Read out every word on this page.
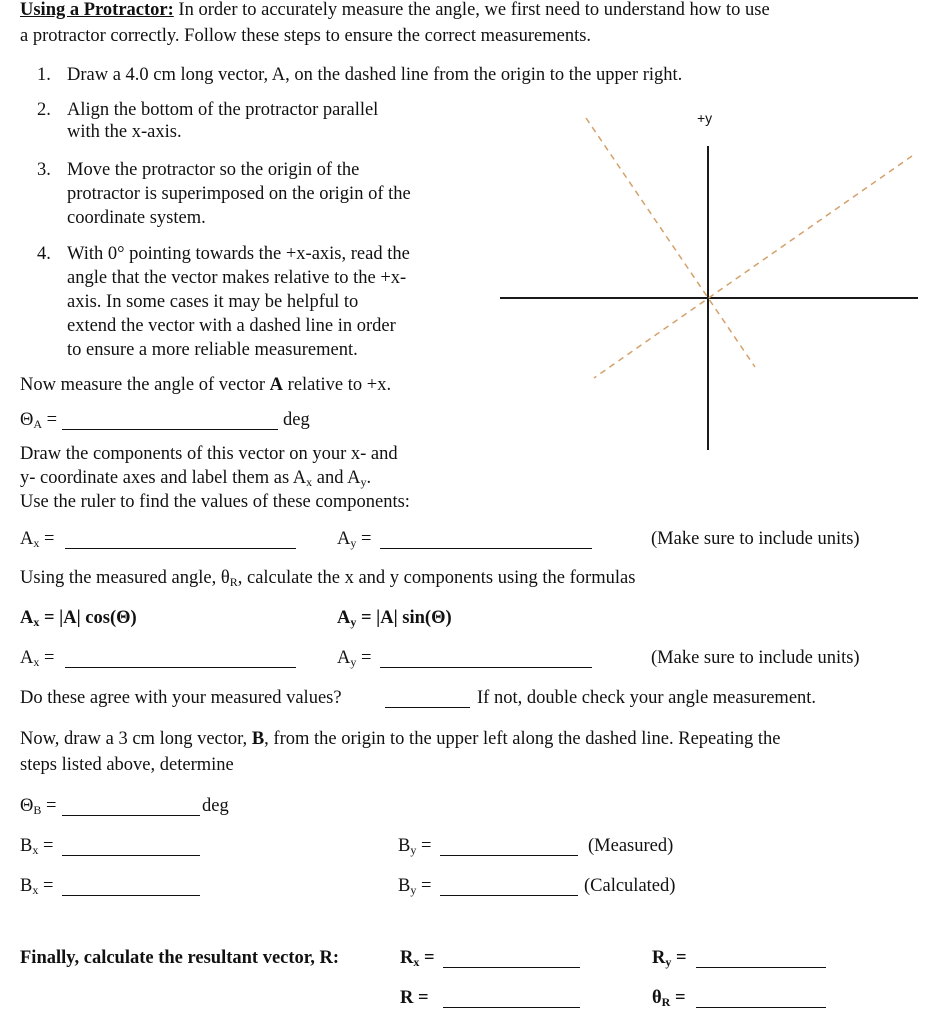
+y
Using a Protractor: In order to accurately measure the angle, we first need to understand how to use
a protractor correctly. Follow these steps to ensure the correct measurements.
1. Draw a 4.0 cm long vector, A, on the dashed line from the origin to the upper right.
2. Align the bottom of the protractor parallel
with the x-axis.
3. Move the protractor so the origin of the
protractor is superimposed on the origin of the
coordinate system.
4. With 0° pointing towards the +x-axis, read the
angle that the vector makes relative to the +x-
axis. In some cases it may be helpful to
extend the vector with a dashed line in order
to ensure a more reliable measurement.
Now measure the angle of vector A relative to +x.
$\Theta_A$ =	deg
Draw the components of this vector on your x- and
y- coordinate axes and label them as $A_x$ and $A_y$.
Use the ruler to find the values of these components:
$A_x$ =	$A_y$ =	(Make sure to include units)
Using the measured angle, $\theta_R$, calculate the x and y components using the formulas
$A_x = |A|$ cos(Θ)	$A_y = |A|$ sin(Θ)
$A_x$ =	$A_y$ =	(Make sure to include units)
Do these agree with your measured values?	If not, double check your angle measurement.
Now, draw a 3 cm long vector, B, from the origin to the upper left along the dashed line. Repeating the
steps listed above, determine
$\Theta_B$ =	deg
$B_x$ =	$B_y$ =	(Measured)
$B_x$ =	$B_y$ =	(Calculated)
Finally, calculate the resultant vector, R:	$R_x$ =	$R_y$ =
R =	$\theta_R$ =
